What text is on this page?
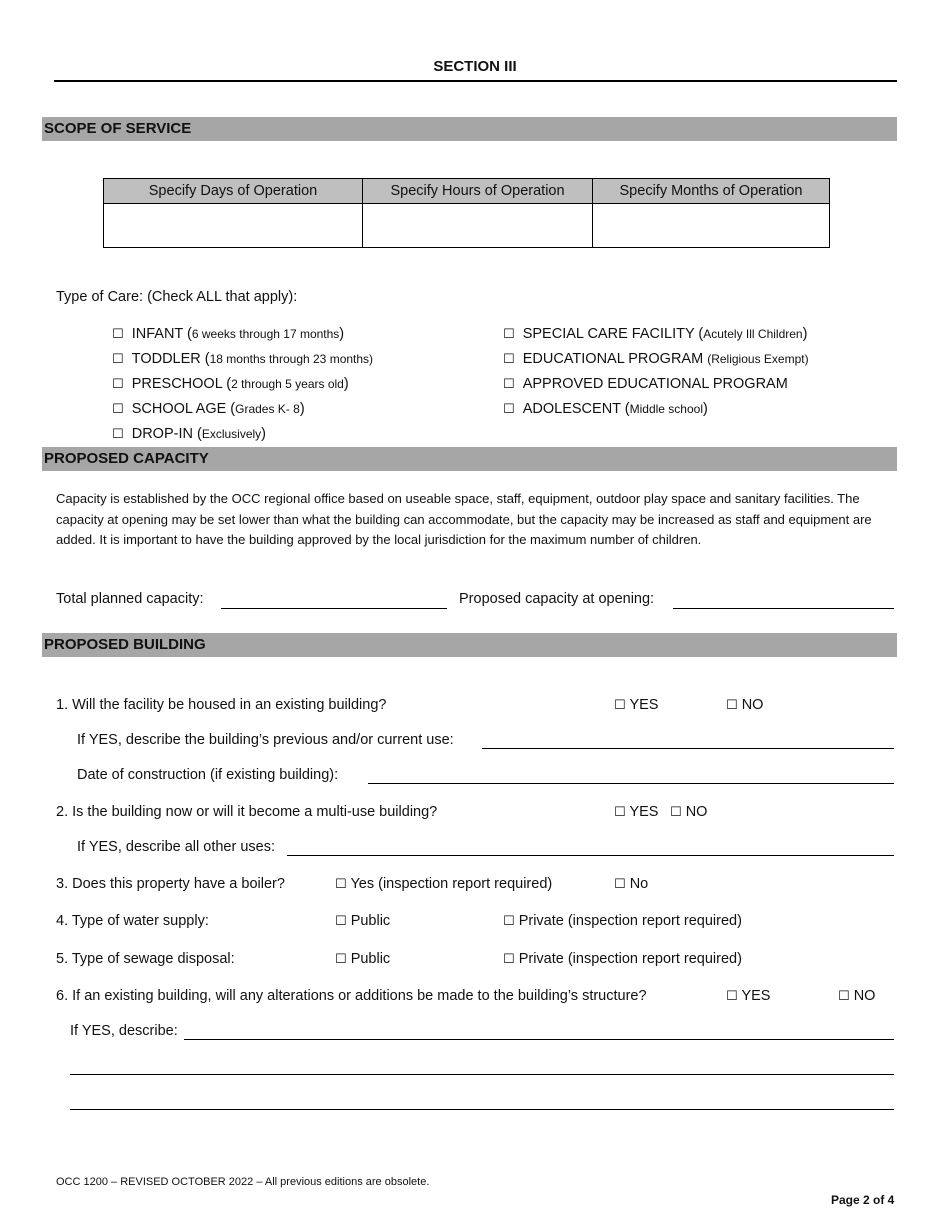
SECTION III
SCOPE OF SERVICE
Specify Days of Operation	Specify Hours of Operation	Specify Months of Operation

Type of Care: (Check ALL that apply):
☐ INFANT (6 weeks through 17 months)
☐ TODDLER (18 months through 23 months)
☐ PRESCHOOL (2 through 5 years old)
☐ SCHOOL AGE (Grades K- 8)
☐ DROP-IN (Exclusively)
☐ SPECIAL CARE FACILITY (Acutely Ill Children)
☐ EDUCATIONAL PROGRAM (Religious Exempt)
☐ APPROVED EDUCATIONAL PROGRAM
☐ ADOLESCENT (Middle school)
PROPOSED CAPACITY
Capacity is established by the OCC regional office based on useable space, staff, equipment, outdoor play space and sanitary facilities. The capacity at opening may be set lower than what the building can accommodate, but the capacity may be increased as staff and equipment are added. It is important to have the building approved by the local jurisdiction for the maximum number of children.
Total planned capacity:	Proposed capacity at opening:
PROPOSED BUILDING
1. Will the facility be housed in an existing building?	☐ YES	☐ NO
If YES, describe the building’s previous and/or current use:
Date of construction (if existing building):
2. Is the building now or will it become a multi-use building?	☐ YES ☐ NO
If YES, describe all other uses:
3. Does this property have a boiler?	☐ Yes (inspection report required)	☐ No
4. Type of water supply:	☐ Public	☐ Private (inspection report required)
5. Type of sewage disposal:	☐ Public	☐ Private (inspection report required)
6. If an existing building, will any alterations or additions be made to the building’s structure?	☐ YES	☐ NO
If YES, describe:
OCC 1200 – REVISED OCTOBER 2022 – All previous editions are obsolete.
Page 2 of 4
